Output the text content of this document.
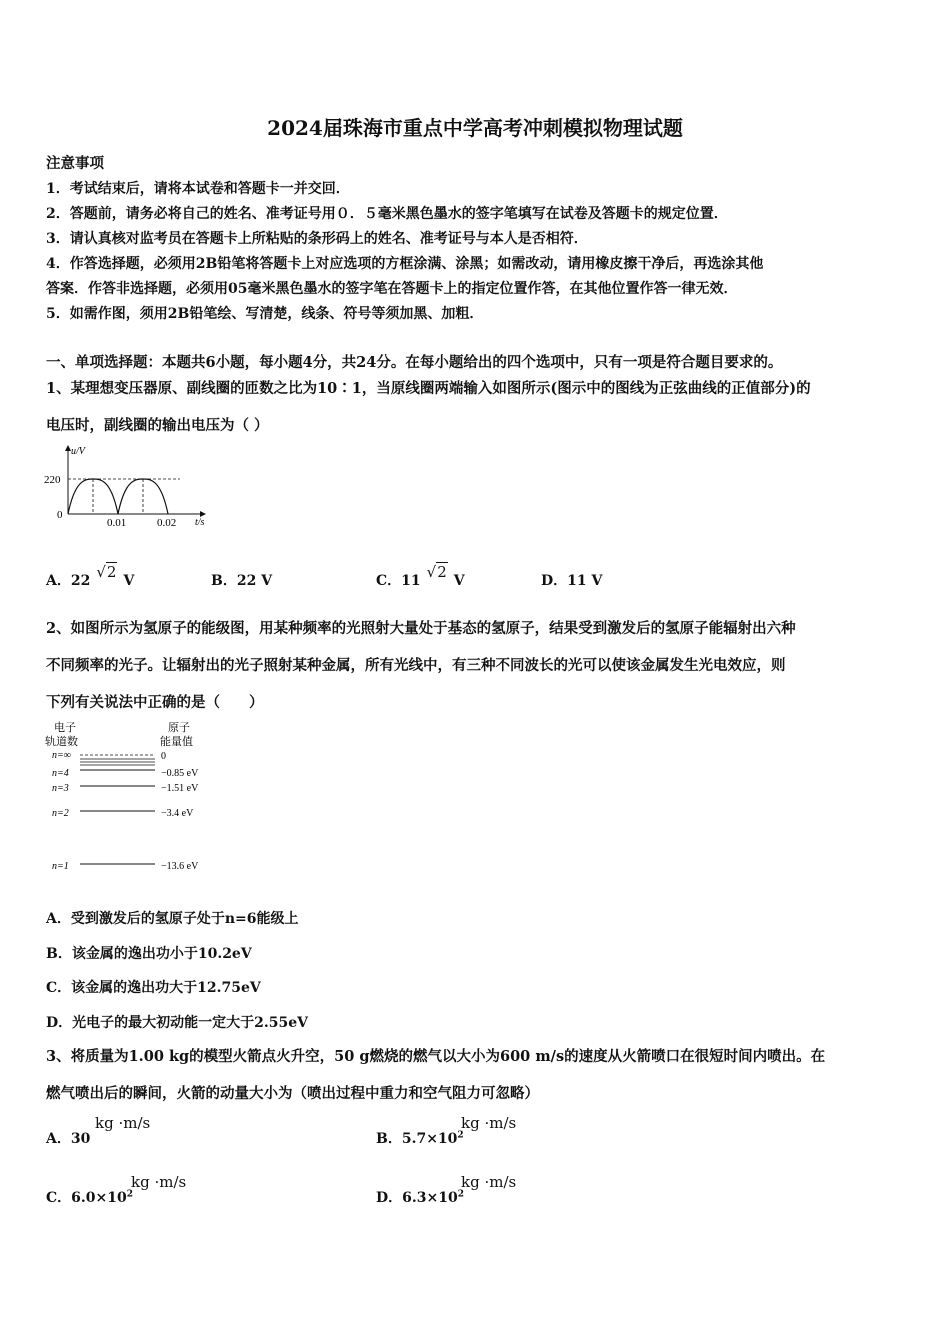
2024届珠海市重点中学高考冲刺模拟物理试题
注意事项
1．考试结束后，请将本试卷和答题卡一并交回．
2．答题前，请务必将自己的姓名、准考证号用０．５毫米黑色墨水的签字笔填写在试卷及答题卡的规定位置．
3．请认真核对监考员在答题卡上所粘贴的条形码上的姓名、准考证号与本人是否相符．
4．作答选择题，必须用2B铅笔将答题卡上对应选项的方框涂满、涂黑；如需改动，请用橡皮擦干净后，再选涂其他
答案．作答非选择题，必须用05毫米黑色墨水的签字笔在答题卡上的指定位置作答，在其他位置作答一律无效．
5．如需作图，须用2B铅笔绘、写清楚，线条、符号等须加黑、加粗．
一、单项选择题：本题共6小题，每小题4分，共24分。在每小题给出的四个选项中，只有一项是符合题目要求的。
1、某理想变压器原、副线圈的匝数之比为10∶1，当原线圈两端输入如图所示(图示中的图线为正弦曲线的正值部分)的
电压时，副线圈的输出电压为（ ）
u/V
220
0
0.01	0.02 t/s
A．22 √2 V	B．22 V	C．11 √2 V	D．11 V
2、如图所示为氢原子的能级图，用某种频率的光照射大量处于基态的氢原子，结果受到激发后的氢原子能辐射出六种
不同频率的光子。让辐射出的光子照射某种金属，所有光线中，有三种不同波长的光可以使该金属发生光电效应，则
下列有关说法中正确的是（　　）
电子
轨道数
原子
能量值
n=∞
n=4
n=3
n=2
n=1
0
−0.85 eV
−1.51 eV
−3.4 eV
−13.6 eV
A．受到激发后的氢原子处于n=6能级上
B．该金属的逸出功小于10.2eV
C．该金属的逸出功大于12.75eV
D．光电子的最大初动能一定大于2.55eV
3、将质量为1.00 kg的模型火箭点火升空，50 g燃烧的燃气以大小为600 m/s的速度从火箭喷口在很短时间内喷出。在
燃气喷出后的瞬间，火箭的动量大小为（喷出过程中重力和空气阻力可忽略）
A．30
kg ·m/s
B．$5.7\times 10^2$
kg ·m/s
C．$6.0\times 10^2$
kg ·m/s
D．$6.3\times 10^2$
kg ·m/s
